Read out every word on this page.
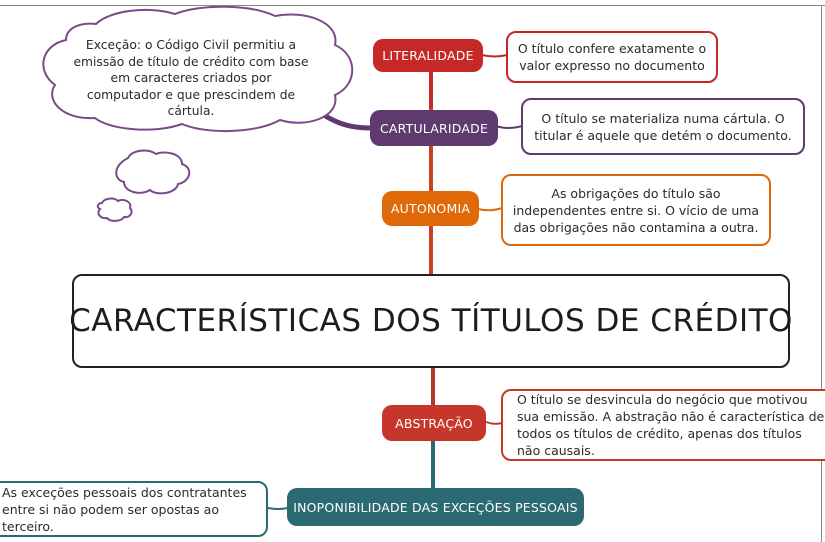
Exceção: o Código Civil permitiu a emissão de título de crédito com base em caracteres criados por computador e que prescindem de cártula.
LITERALIDADE
CARTULARIDADE
AUTONOMIA
ABSTRAÇÃO
INOPONIBILIDADE DAS EXCEÇÕES PESSOAIS
O título confere exatamente o valor expresso no documento
O título se materializa numa cártula. O titular é aquele que detém o documento.
As obrigações do título são independentes entre si. O vício de uma das obrigações não contamina a outra.
O título se desvincula do negócio que motivou sua emissão. A abstração não é característica de todos os títulos de crédito, apenas dos títulos não causais.
As exceções pessoais dos contratantes entre si não podem ser opostas ao terceiro.
CARACTERÍSTICAS DOS TÍTULOS DE CRÉDITO
